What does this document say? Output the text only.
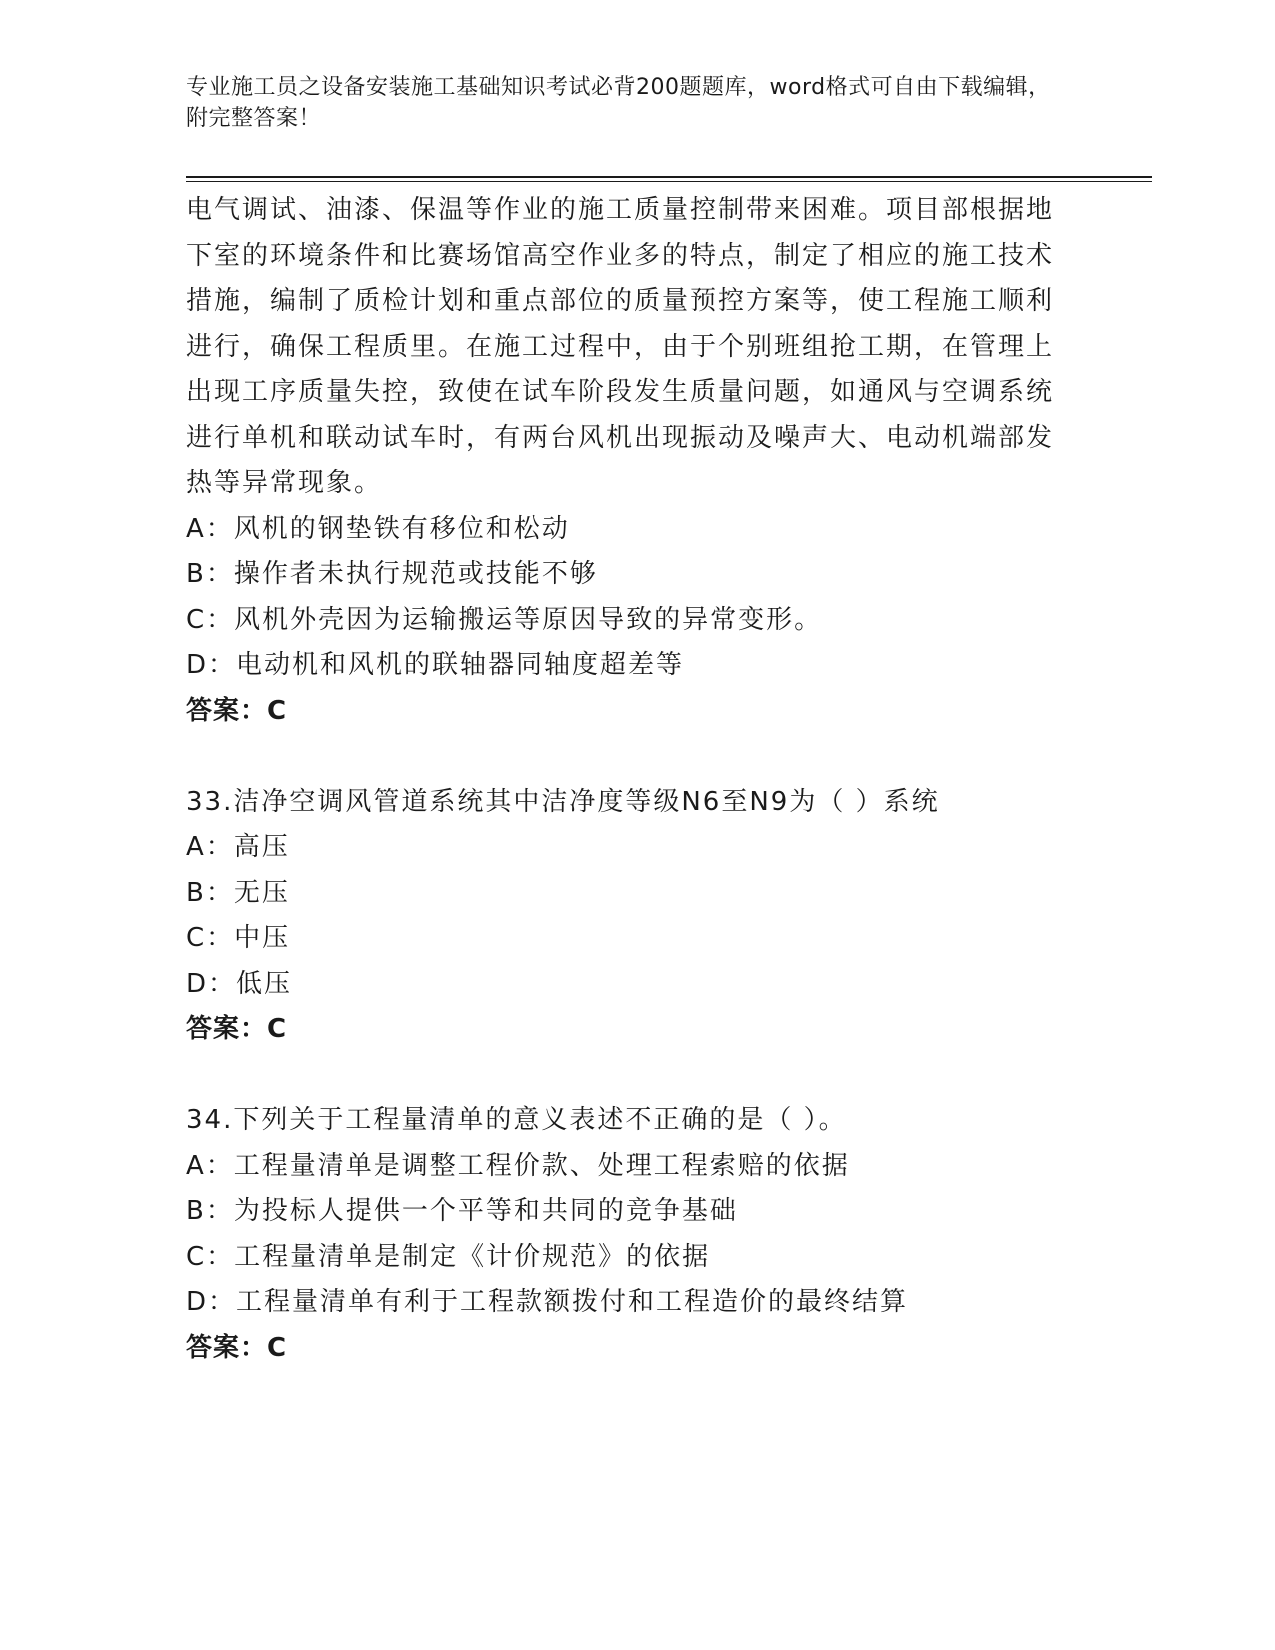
专业施工员之设备安装施工基础知识考试必背200题题库，word格式可自由下载编辑，附完整答案！
电气调试、油漆、保温等作业的施工质量控制带来困难。项目部根据地下室的环境条件和比赛场馆高空作业多的特点，制定了相应的施工技术措施，编制了质检计划和重点部位的质量预控方案等，使工程施工顺利进行，确保工程质里。在施工过程中，由于个别班组抢工期，在管理上出现工序质量失控，致使在试车阶段发生质量问题，如通风与空调系统进行单机和联动试车时，有两台风机出现振动及噪声大、电动机端部发热等异常现象。
A：风机的钢垫铁有移位和松动
B：操作者未执行规范或技能不够
C：风机外壳因为运输搬运等原因导致的异常变形。
D：电动机和风机的联轴器同轴度超差等
答案：C
33.洁净空调风管道系统其中洁净度等级N6至N9为（ ）系统
A：高压
B：无压
C：中压
D：低压
答案：C
34.下列关于工程量清单的意义表述不正确的是（ ）。
A：工程量清单是调整工程价款、处理工程索赔的依据
B：为投标人提供一个平等和共同的竞争基础
C：工程量清单是制定《计价规范》的依据
D：工程量清单有利于工程款额拨付和工程造价的最终结算
答案：C
